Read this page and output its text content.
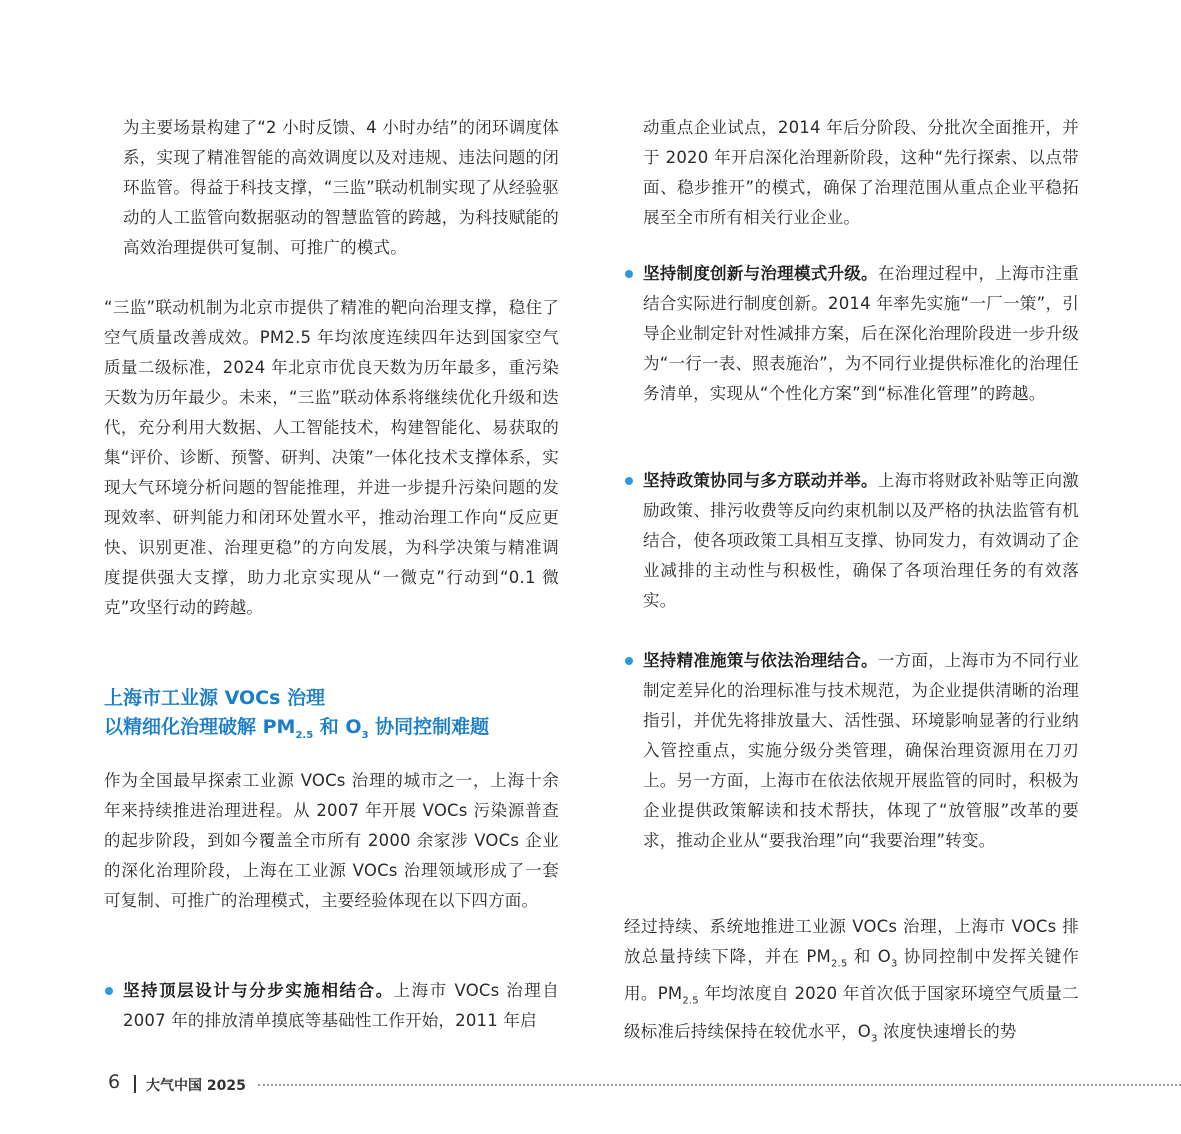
为主要场景构建了“2 小时反馈、4 小时办结”的闭环调度体系，实现了精准智能的高效调度以及对违规、违法问题的闭环监管。得益于科技支撑，“三监”联动机制实现了从经验驱动的人工监管向数据驱动的智慧监管的跨越，为科技赋能的高效治理提供可复制、可推广的模式。

“三监”联动机制为北京市提供了精准的靶向治理支撑，稳住了空气质量改善成效。PM2.5 年均浓度连续四年达到国家空气质量二级标准，2024 年北京市优良天数为历年最多，重污染天数为历年最少。未来，“三监”联动体系将继续优化升级和迭代，充分利用大数据、人工智能技术，构建智能化、易获取的集“评价、诊断、预警、研判、决策”一体化技术支撑体系，实现大气环境分析问题的智能推理，并进一步提升污染问题的发现效率、研判能力和闭环处置水平，推动治理工作向“反应更快、识别更准、治理更稳”的方向发展，为科学决策与精准调度提供强大支撑，助力北京实现从“一微克”行动到“0.1 微克”攻坚行动的跨越。

上海市工业源 VOCs 治理
以精细化治理破解 $PM_{2.5}$ 和 $O_3$ 协同控制难题

作为全国最早探索工业源 VOCs 治理的城市之一，上海十余年来持续推进治理进程。从 2007 年开展 VOCs 污染源普查的起步阶段，到如今覆盖全市所有 2000 余家涉 VOCs 企业的深化治理阶段，上海在工业源 VOCs 治理领域形成了一套可复制、可推广的治理模式，主要经验体现在以下四方面。

坚持顶层设计与分步实施相结合。上海市 VOCs 治理自 2007 年的排放清单摸底等基础性工作开始，2011 年启

动重点企业试点，2014 年后分阶段、分批次全面推开，并于 2020 年开启深化治理新阶段，这种“先行探索、以点带面、稳步推开”的模式，确保了治理范围从重点企业平稳拓展至全市所有相关行业企业。

坚持制度创新与治理模式升级。在治理过程中，上海市注重结合实际进行制度创新。2014 年率先实施“一厂一策”，引导企业制定针对性减排方案，后在深化治理阶段进一步升级为“一行一表、照表施治”，为不同行业提供标准化的治理任务清单，实现从“个性化方案”到“标准化管理”的跨越。

坚持政策协同与多方联动并举。上海市将财政补贴等正向激励政策、排污收费等反向约束机制以及严格的执法监管有机结合，使各项政策工具相互支撑、协同发力，有效调动了企业减排的主动性与积极性，确保了各项治理任务的有效落实。

坚持精准施策与依法治理结合。一方面，上海市为不同行业制定差异化的治理标准与技术规范，为企业提供清晰的治理指引，并优先将排放量大、活性强、环境影响显著的行业纳入管控重点，实施分级分类管理，确保治理资源用在刀刃上。另一方面，上海市在依法依规开展监管的同时，积极为企业提供政策解读和技术帮扶，体现了“放管服”改革的要求，推动企业从“要我治理”向“我要治理”转变。

经过持续、系统地推进工业源 VOCs 治理，上海市 VOCs 排放总量持续下降，并在 $PM_{2.5}$ 和 $O_3$ 协同控制中发挥关键作用。$PM_{2.5}$ 年均浓度自 2020 年首次低于国家环境空气质量二级标准后持续保持在较优水平，$O_3$ 浓度快速增长的势

6 大气中国 2025
